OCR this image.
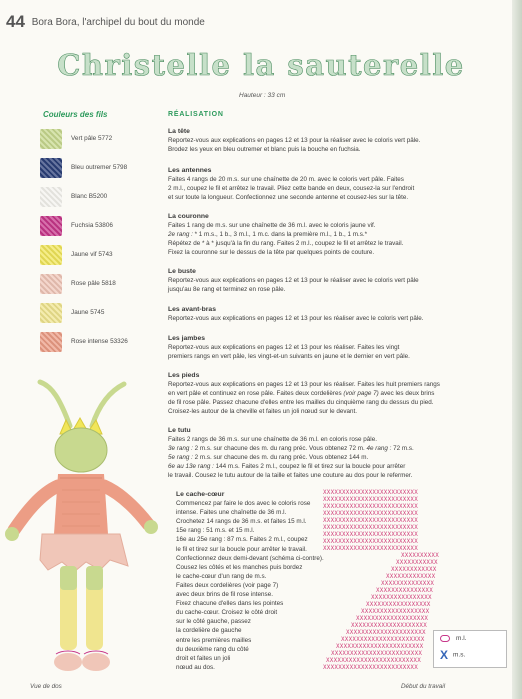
44 Bora Bora, l'archipel du bout du monde
Christelle la sauterelle
Hauteur : 33 cm
Couleurs des fils
Vert pâle 5772
Bleu outremer 5798
Blanc B5200
Fuchsia 53806
Jaune vif 5743
Rose pâle 5818
Jaune 5745
Rose intense 53326
RÉALISATION
La tête

Reportez-vous aux explications en pages 12 et 13 pour la réaliser avec le coloris vert pâle.

Brodez les yeux en bleu outremer et blanc puis la bouche en fuchsia.

Les antennes

Faites 4 rangs de 20 m.s. sur une chaînette de 20 m. avec le coloris vert pâle. Faites

2 m.l., coupez le fil et arrêtez le travail. Pliez cette bande en deux, cousez-la sur l'endroit

et sur toute la longueur. Confectionnez une seconde antenne et cousez-les sur la tête.

La couronne

Faites 1 rang de m.s. sur une chaînette de 36 m.l. avec le coloris jaune vif.

2e rang : * 1 m.s., 1 b., 3 m.l., 1 m.c. dans la première m.l., 1 b., 1 m.s.*

Répétez de * à * jusqu'à la fin du rang. Faites 2 m.l., coupez le fil et arrêtez le travail.

Fixez la couronne sur le dessus de la tête par quelques points de couture.

Le buste

Reportez-vous aux explications en pages 12 et 13 pour le réaliser avec le coloris vert pâle

jusqu'au 8e rang et terminez en rose pâle.

Les avant-bras

Reportez-vous aux explications en pages 12 et 13 pour les réaliser avec le coloris vert pâle.

Les jambes

Reportez-vous aux explications en pages 12 et 13 pour les réaliser. Faites les vingt

premiers rangs en vert pâle, les vingt-et-un suivants en jaune et le dernier en vert pâle.

Les pieds

Reportez-vous aux explications en pages 12 et 13 pour les réaliser. Faites les huit premiers rangs

en vert pâle et continuez en rose pâle. Faites deux cordelières (voir page 7) avec les deux brins

de fil rose pâle. Passez chacune d'elles entre les mailles du cinquième rang du dessus du pied.

Croisez-les autour de la cheville et faites un joli nœud sur le devant.

Le tutu

Faites 2 rangs de 36 m.s. sur une chaînette de 36 m.l. en coloris rose pâle.

3e rang : 2 m.s. sur chacune des m. du rang préc. Vous obtenez 72 m. 4e rang : 72 m.s.

5e rang : 2 m.s. sur chacune des m. du rang préc. Vous obtenez 144 m.

6e au 13e rang : 144 m.s. Faites 2 m.l., coupez le fil et tirez sur la boucle pour arrêter

le travail. Cousez le tutu autour de la taille et faites une couture au dos pour le refermer.

Le cache-cœur

Commencez par faire le dos avec le coloris rose

intense. Faites une chaînette de 36 m.l.

Crochetez 14 rangs de 36 m.s. et faites 15 m.l.

15e rang : 51 m.s. et 15 m.l.

16e au 25e rang : 87 m.s. Faites 2 m.l., coupez

le fil et tirez sur la boucle pour arrêter le travail.

Confectionnez deux demi-devant (schéma ci-contre).

Cousez les côtés et les manches puis bordez

le cache-cœur d'un rang de m.s.

Faites deux cordelières (voir page 7)

avec deux brins de fil rose intense.

Fixez chacune d'elles dans les pointes

du cache-cœur. Croisez le côté droit

sur le côté gauche, passez

la cordelière de gauche

entre les premières mailles

du deuxième rang du côté

droit et faites un joli

nœud au dos.

Vue de dos
XXXXXXXXXXXXXXXXXXXXXXXXX
XXXXXXXXXXXXXXXXXXXXXXXXX
XXXXXXXXXXXXXXXXXXXXXXXXX
XXXXXXXXXXXXXXXXXXXXXXXXX
XXXXXXXXXXXXXXXXXXXXXXXXX
XXXXXXXXXXXXXXXXXXXXXXXXX
XXXXXXXXXXXXXXXXXXXXXXXXX
XXXXXXXXXXXXXXXXXXXXXXXXX
XXXXXXXXXXXXXXXXXXXXXXXXX
XXXXXXXXXX
XXXXXXXXXXX
XXXXXXXXXXXX
XXXXXXXXXXXXX
XXXXXXXXXXXXXX
XXXXXXXXXXXXXXX
XXXXXXXXXXXXXXXX
XXXXXXXXXXXXXXXXX
XXXXXXXXXXXXXXXXXX
XXXXXXXXXXXXXXXXXXX
XXXXXXXXXXXXXXXXXXXX
XXXXXXXXXXXXXXXXXXXXX
XXXXXXXXXXXXXXXXXXXXXX
XXXXXXXXXXXXXXXXXXXXXXX
XXXXXXXXXXXXXXXXXXXXXXXX
XXXXXXXXXXXXXXXXXXXXXXXXX
XXXXXXXXXXXXXXXXXXXXXXXXX
m.l.
Xm.s.
Début du travail
